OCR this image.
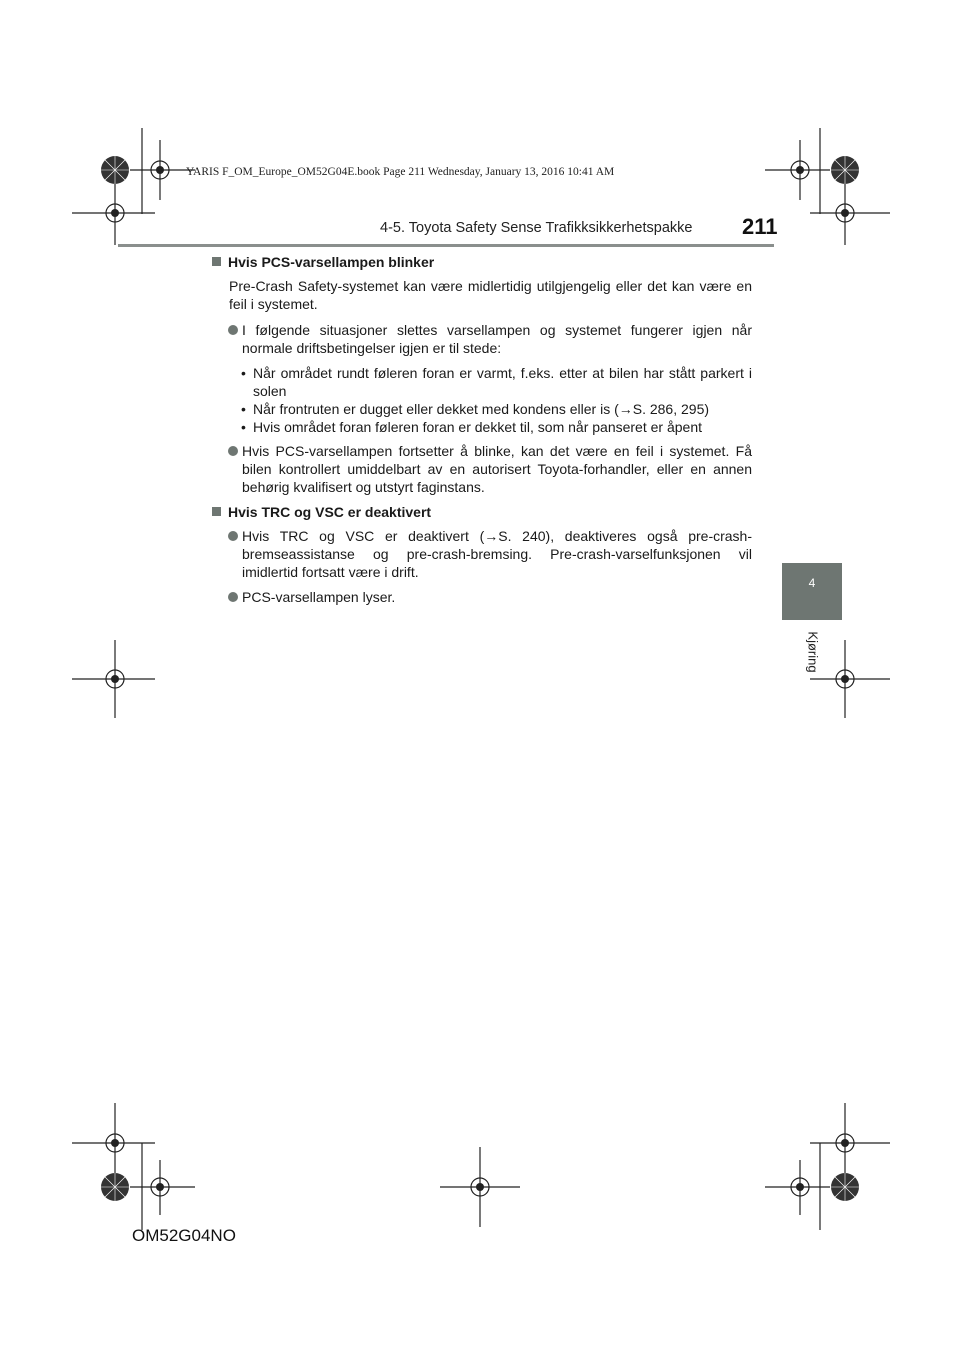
YARIS F_OM_Europe_OM52G04E.book Page 211 Wednesday, January 13, 2016 10:41 AM
4-5. Toyota Safety Sense Trafikksikkerhetspakke 211
4
Kjøring

Hvis PCS-varsellampen blinker

Pre-Crash Safety-systemet kan være midlertidig utilgjengelig eller det kan være en feil i systemet.

I følgende situasjoner slettes varsellampen og systemet fungerer igjen når normale driftsbetingelser igjen er til stede:
• Når området rundt føleren foran er varmt, f.eks. etter at bilen har stått parkert i solen
• Når frontruten er dugget eller dekket med kondens eller is (→S. 286, 295)
• Hvis området foran føleren foran er dekket til, som når panseret er åpent
Hvis PCS-varsellampen fortsetter å blinke, kan det være en feil i systemet. Få bilen kontrollert umiddelbart av en autorisert Toyota-forhandler, eller en annen behørig kvalifisert og utstyrt faginstans.

Hvis TRC og VSC er deaktivert

Hvis TRC og VSC er deaktivert (→S. 240), deaktiveres også pre-crash-bremseassistanse og pre-crash-bremsing. Pre-crash-varselfunksjonen vil imidlertid fortsatt være i drift.
PCS-varsellampen lyser.
OM52G04NO
